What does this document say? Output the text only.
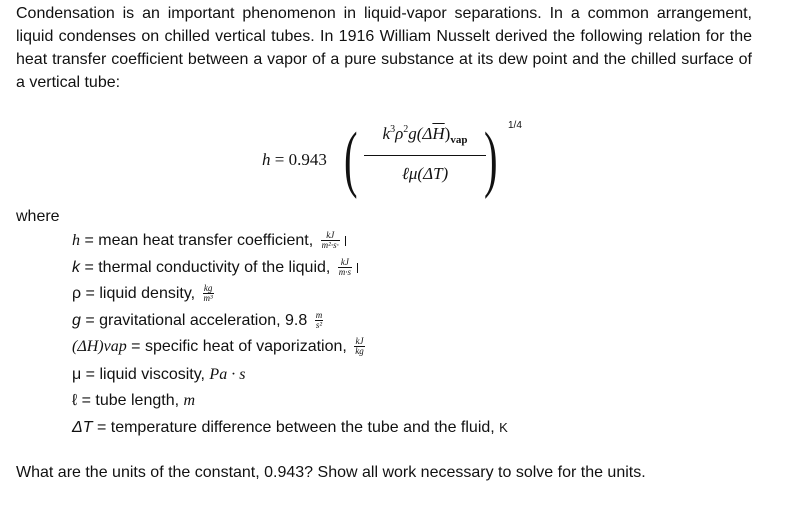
Condensation is an important phenomenon in liquid-vapor separations. In a common arrangement, liquid condenses on chilled vertical tubes. In 1916 William Nusselt derived the following relation for the heat transfer coefficient between a vapor of a pure substance at its dew point and the chilled surface of a vertical tube:

h = 0.943 (	$k^3\rho^2g(\Delta\overline{H})_{vap}$
ℓμ(ΔT) ) 1/4

where

h = mean heat transfer coefficient, $\frac{kJ}{\text{m²·s·}}$
k = thermal conductivity of the liquid, $\frac{kJ}{m\cdot s}$
ρ = liquid density, $\frac{kg}{\text{m³}}$
g = gravitational acceleration, $9.8 \frac{m}{\text{s²}}$
(ΔH)vap = specific heat of vaporization, $\frac{kJ}{kg}$
μ = liquid viscosity, Pa · s
ℓ = tube length, m
ΔT = temperature difference between the tube and the fluid, K

What are the units of the constant, 0.943? Show all work necessary to solve for the units.
